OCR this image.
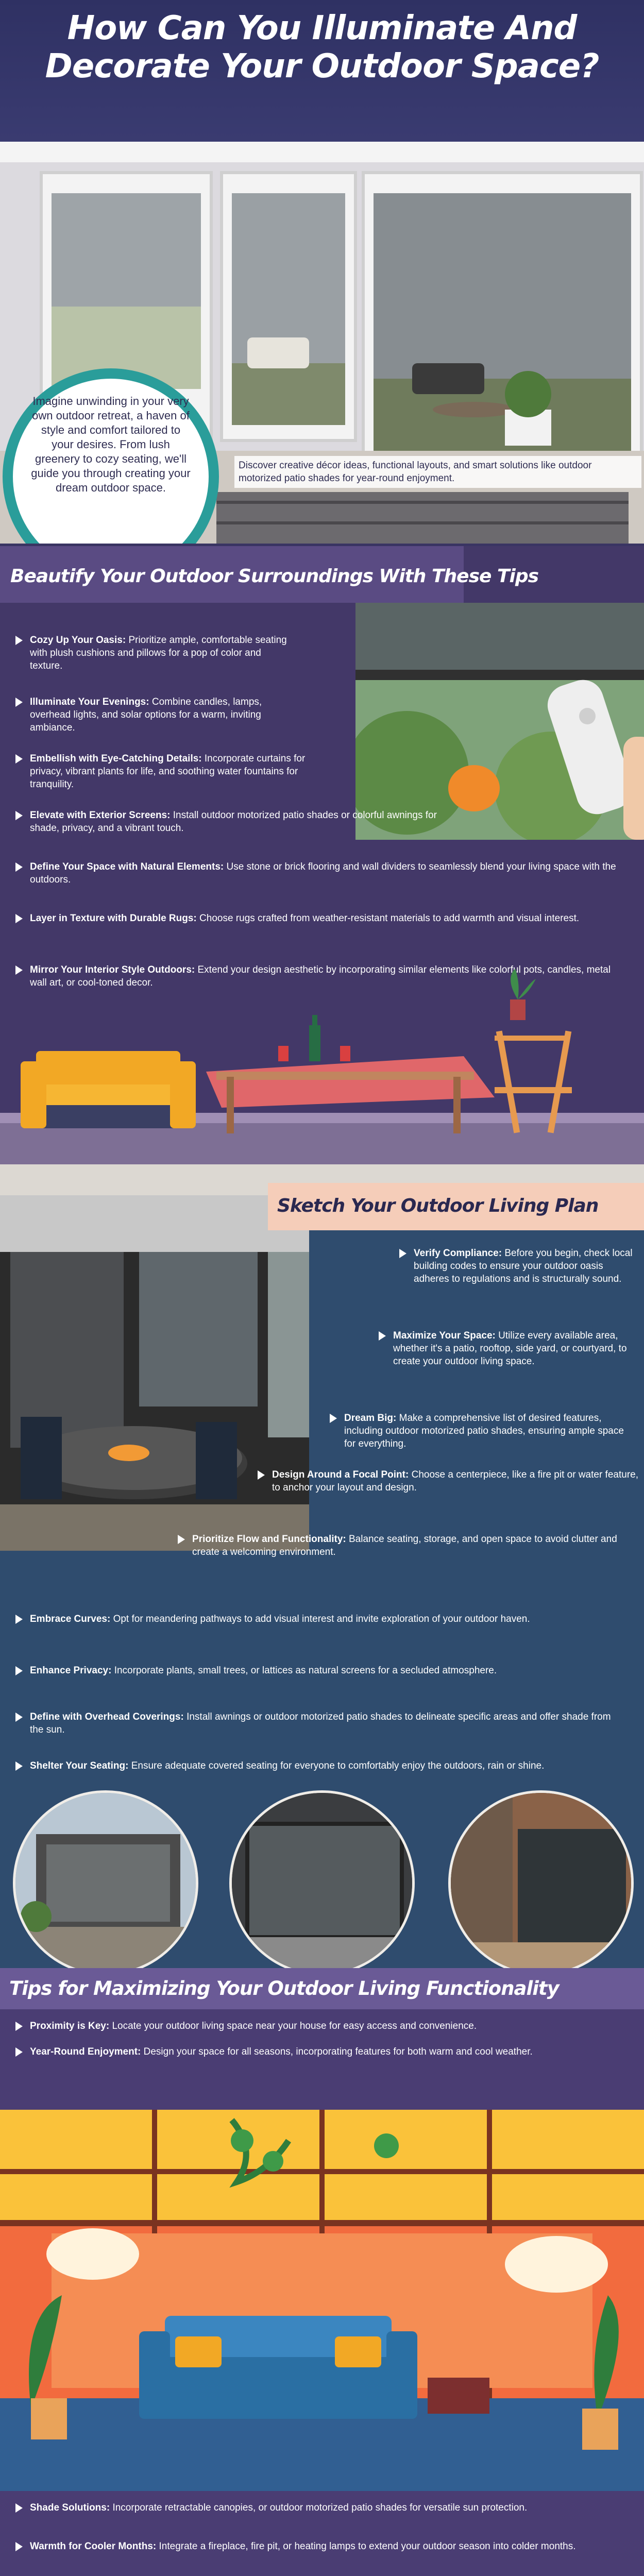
How Can You Illuminate And
Decorate Your Outdoor Space?
Imagine unwinding in your very own outdoor retreat, a haven of style and comfort tailored to your desires. From lush greenery to cozy seating, we'll guide you through creating your dream outdoor space.
Discover creative décor ideas, functional layouts, and smart solutions like outdoor motorized patio shades for year-round enjoyment.
Beautify Your Outdoor Surroundings With These Tips
Cozy Up Your Oasis: Prioritize ample, comfortable seating with plush cushions and pillows for a pop of color and texture.
Illuminate Your Evenings: Combine candles, lamps, overhead lights, and solar options for a warm, inviting ambiance.
Embellish with Eye-Catching Details: Incorporate curtains for privacy, vibrant plants for life, and soothing water fountains for tranquility.
Elevate with Exterior Screens: Install outdoor motorized patio shades or colorful awnings for shade, privacy, and a vibrant touch.
Define Your Space with Natural Elements: Use stone or brick flooring and wall dividers to seamlessly blend your living space with the outdoors.
Layer in Texture with Durable Rugs: Choose rugs crafted from weather-resistant materials to add warmth and visual interest.
Mirror Your Interior Style Outdoors: Extend your design aesthetic by incorporating similar elements like colorful pots, candles, metal wall art, or cool-toned decor.
Sketch Your Outdoor Living Plan
Verify Compliance: Before you begin, check local building codes to ensure your outdoor oasis adheres to regulations and is structurally sound.
Maximize Your Space: Utilize every available area, whether it's a patio, rooftop, side yard, or courtyard, to create your outdoor living space.
Dream Big: Make a comprehensive list of desired features, including outdoor motorized patio shades, ensuring ample space for everything.
Design Around a Focal Point: Choose a centerpiece, like a fire pit or water feature, to anchor your layout and design.
Prioritize Flow and Functionality: Balance seating, storage, and open space to avoid clutter and create a welcoming environment.
Embrace Curves: Opt for meandering pathways to add visual interest and invite exploration of your outdoor haven.
Enhance Privacy: Incorporate plants, small trees, or lattices as natural screens for a secluded atmosphere.
Define with Overhead Coverings: Install awnings or outdoor motorized patio shades to delineate specific areas and offer shade from the sun.
Shelter Your Seating: Ensure adequate covered seating for everyone to comfortably enjoy the outdoors, rain or shine.
Tips for Maximizing Your Outdoor Living Functionality
Proximity is Key: Locate your outdoor living space near your house for easy access and convenience.
Year-Round Enjoyment: Design your space for all seasons, incorporating features for both warm and cool weather.
Shade Solutions: Incorporate retractable canopies, or outdoor motorized patio shades for versatile sun protection.
Warmth for Cooler Months: Integrate a fireplace, fire pit, or heating lamps to extend your outdoor season into colder months.
